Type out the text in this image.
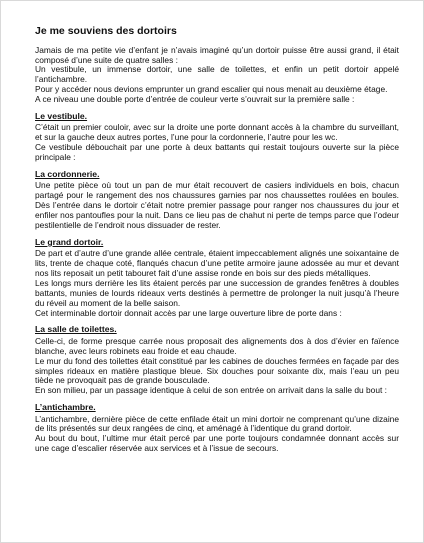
Je me souviens des dortoirs

Jamais de ma petite vie d’enfant je n’avais imaginé qu’un dortoir puisse être aussi grand, il était composé d’une suite de quatre salles :

Un vestibule, un immense dortoir, une salle de toilettes, et enfin un petit dortoir appelé l’antichambre.

Pour y accéder nous devions emprunter un grand escalier qui nous menait au deuxième étage.

A ce niveau une double porte d’entrée de couleur verte s’ouvrait sur la première salle :

Le vestibule.

C’était un premier couloir, avec sur la droite une porte donnant accès à la chambre du surveillant, et sur la gauche deux autres portes, l’une pour la cordonnerie, l’autre pour les wc.

Ce vestibule débouchait par une porte à deux battants qui restait toujours ouverte sur la pièce principale :

La cordonnerie.

Une petite pièce où tout un pan de mur était recouvert de casiers individuels en bois, chacun partagé pour le rangement des nos chaussures garnies par nos chaussettes roulées en boules. Dès l’entrée dans le dortoir c’était notre premier passage pour ranger nos chaussures du jour et enfiler nos pantoufles pour la nuit. Dans ce lieu pas de chahut ni perte de temps parce que l’odeur pestilentielle de l’endroit nous dissuader de rester.

Le grand dortoir.

De part et d’autre d’une grande allée centrale, étaient impeccablement alignés une soixantaine de lits, trente de chaque coté, flanqués chacun d’une petite armoire jaune adossée au mur et devant nos lits reposait un petit tabouret fait d’une assise ronde en bois sur des pieds métalliques.

Les longs murs derrière les lits étaient percés par une succession de grandes fenêtres à doubles battants, munies de lourds rideaux verts destinés à permettre de prolonger la nuit jusqu’à l’heure du réveil au moment de la belle saison.

Cet interminable dortoir donnait accès par une large ouverture libre de porte dans :

La salle de toilettes.

Celle-ci, de forme presque carrée nous proposait des alignements dos à dos d’évier en faïence blanche, avec leurs robinets eau froide et eau chaude.

Le mur du fond des toilettes était constitué par les cabines de douches fermées en façade par des simples rideaux en matière plastique bleue. Six douches pour soixante dix, mais l’eau un peu tiède ne provoquait pas de grande bousculade.

En son milieu, par un passage identique à celui de son entrée on arrivait dans la salle du bout :

L’antichambre.

L’antichambre, dernière pièce de cette enfilade était un mini dortoir ne comprenant qu’une dizaine de lits présentés sur deux rangées de cinq, et aménagé à l’identique du grand dortoir.

Au bout du bout, l’ultime mur était percé par une porte toujours condamnée donnant accès sur une cage d’escalier réservée aux services et à l’issue de secours.
